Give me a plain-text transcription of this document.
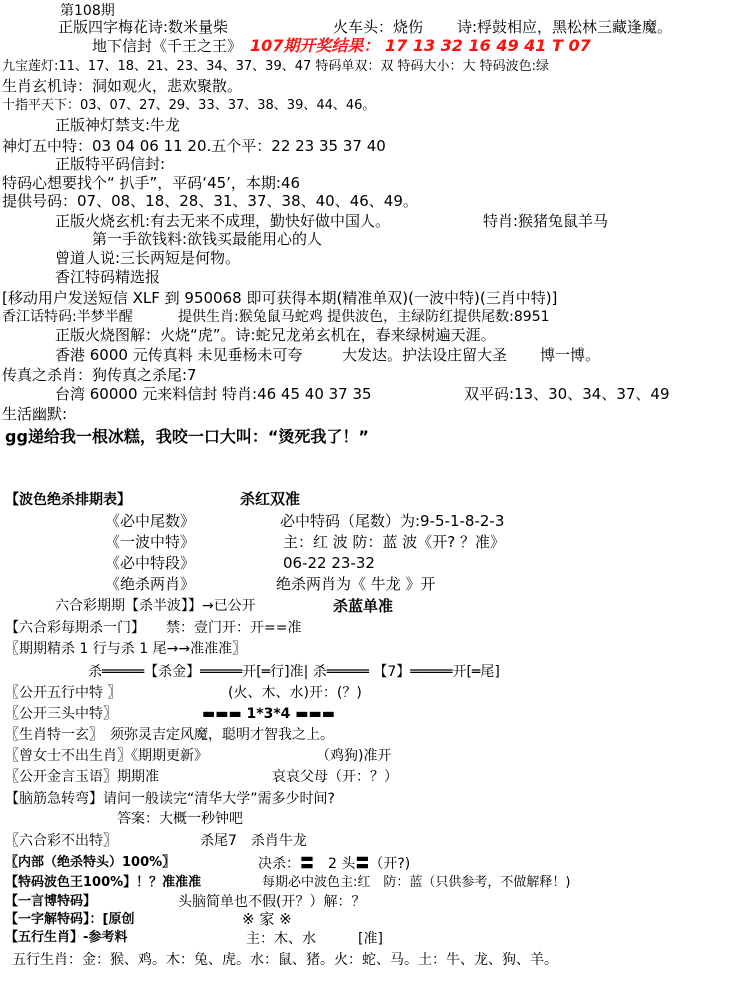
第108期
正版四字梅花诗:数米量柴	火车头：烧伤 诗:桴鼓相应，黑松林三藏逢魔。
地下信封《千王之王》 107期开奖结果： 17 13 32 16 49 41 T 07
九宝莲灯:11、17、18、21、23、34、37、39、47 特码单双：双 特码大小：大 特码波色:绿
生肖玄机诗：洞如观火，悲欢聚散。
十指平天下：03、07、27、29、33、37、38、39、44、46。
正版神灯禁支:牛龙
神灯五中特：03 04 06 11 20.五个平：22 23 35 37 40
正版特平码信封:
特码心想要找个“ 扒手”，平码‘45’，本期:46
提供号码：07、08、18、28、31、37、38、40、46、49。
正版火烧玄机:有去无来不成理，勤快好做中国人。	特肖:猴猪兔鼠羊马
第一手欲钱料:欲钱买最能用心的人
曾道人说:三长两短是何物。
香江特码精选报
[移动用户发送短信 XLF 到 950068 即可获得本期(精准单双)(一波中特)(三肖中特)]
香江话特码:半梦半醒	提供生肖:猴兔鼠马蛇鸡 提供波色，主绿防红提供尾数:8951
正版火烧图解：火烧“虎”。诗:蛇兄龙弟玄机在，春来绿树遍天涯。
香港 6000 元传真料 未见垂杨未可夸	大发达。护法设庄留大圣 博一博。
传真之杀肖：狗传真之杀尾:7
台湾 60000 元来料信封 特肖:46 45 40 37 35	双平码:13、30、34、37、49
生活幽默:
gg递给我一根冰糕，我咬一口大叫：“烫死我了！”
【波色绝杀排期表】	杀红双准
《必中尾数》	必中特码（尾数）为:9-5-1-8-2-3
《一波中特》	主：红 波 防：蓝 波《开? ？准》
《必中特段》	06-22 23-32
《绝杀两肖》	绝杀两肖为《 牛龙 》开
六合彩期期【杀半波】】→已公开	杀蓝单准
【六合彩每期杀一门】　　禁：壹门开：开==准
〖期期精杀 1 行与杀 1 尾→→准准准〗
杀═════【杀金】═════开[═行]准| 杀═════ 【7】═════开[═尾]
〖公开五行中特 〗	(火、木、水)开：(？)
〖公开三头中特〗	▬▬▬ 1*3*4 ▬▬▬
〖生肖特一玄〗　须弥灵吉定风魔，聪明才智我之上。
〖曾女士不出生肖〗《期期更新》	（鸡狗)准开
〖公开金言玉语〗期期准	哀哀父母（开：？）
【脑筋急转弯】请问一般读完“清华大学”需多少时间?
答案：大概一秒钟吧
〖六合彩不出特〗	杀尾7　杀肖牛龙
〖内部（绝杀特头）100%〗	决杀：〓　2 头〓（开?)
【特码波色王100%】！？准准准	每期必中波色主:红　防：蓝（只供参考，不做解释！)
【一言博特码】	头脑简单也不假(开？）解：？
【一字解特码】：[原创	※ 家 ※
【五行生肖】-参考料	主：木、水	[准]
五行生肖：金：猴、鸡。木：兔、虎。水：鼠、猪。火：蛇、马。土：牛、龙、狗、羊。
